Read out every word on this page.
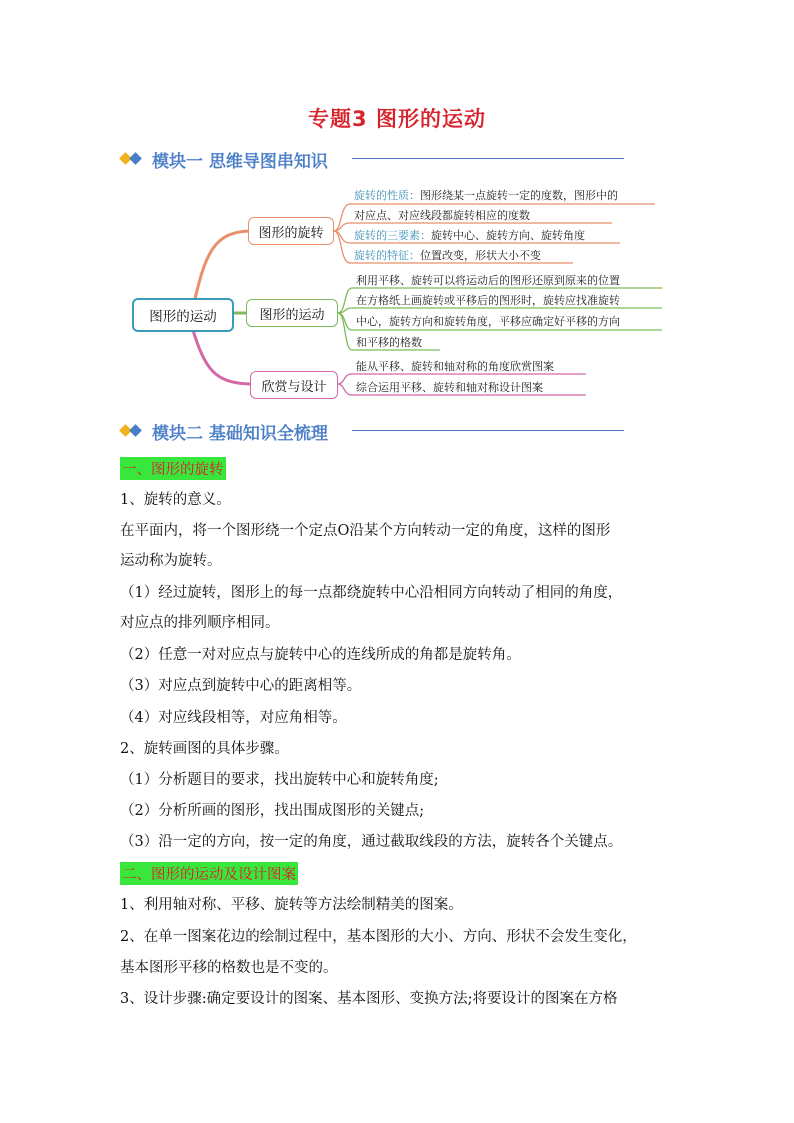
专题3 图形的运动
模块一 思维导图串知识
图形的运动
图形的旋转
图形的运动
欣赏与设计
旋转的性质：图形绕某一点旋转一定的度数，图形中的
对应点、对应线段都旋转相应的度数
旋转的三要素：旋转中心、旋转方向、旋转角度
旋转的特征：位置改变，形状大小不变
利用平移、旋转可以将运动后的图形还原到原来的位置
在方格纸上画旋转或平移后的图形时，旋转应找准旋转
中心，旋转方向和旋转角度，平移应确定好平移的方向
和平移的格数
能从平移、旋转和轴对称的角度欣赏图案
综合运用平移、旋转和轴对称设计图案
模块二 基础知识全梳理
一、图形的旋转
1、旋转的意义。
在平面内，将一个图形绕一个定点O沿某个方向转动一定的角度，这样的图形
运动称为旋转。
（1）经过旋转，图形上的每一点都绕旋转中心沿相同方向转动了相同的角度，
对应点的排列顺序相同。
（2）任意一对对应点与旋转中心的连线所成的角都是旋转角。
（3）对应点到旋转中心的距离相等。
（4）对应线段相等，对应角相等。
2、旋转画图的具体步骤。
（1）分析题目的要求，找出旋转中心和旋转角度;
（2）分析所画的图形，找出围成图形的关键点;
（3）沿一定的方向，按一定的角度，通过截取线段的方法，旋转各个关键点。
二、图形的运动及设计图案
1、利用轴对称、平移、旋转等方法绘制精美的图案。
2、在单一图案花边的绘制过程中，基本图形的大小、方向、形状不会发生变化，
基本图形平移的格数也是不变的。
3、设计步骤:确定要设计的图案、基本图形、变换方法;将要设计的图案在方格
